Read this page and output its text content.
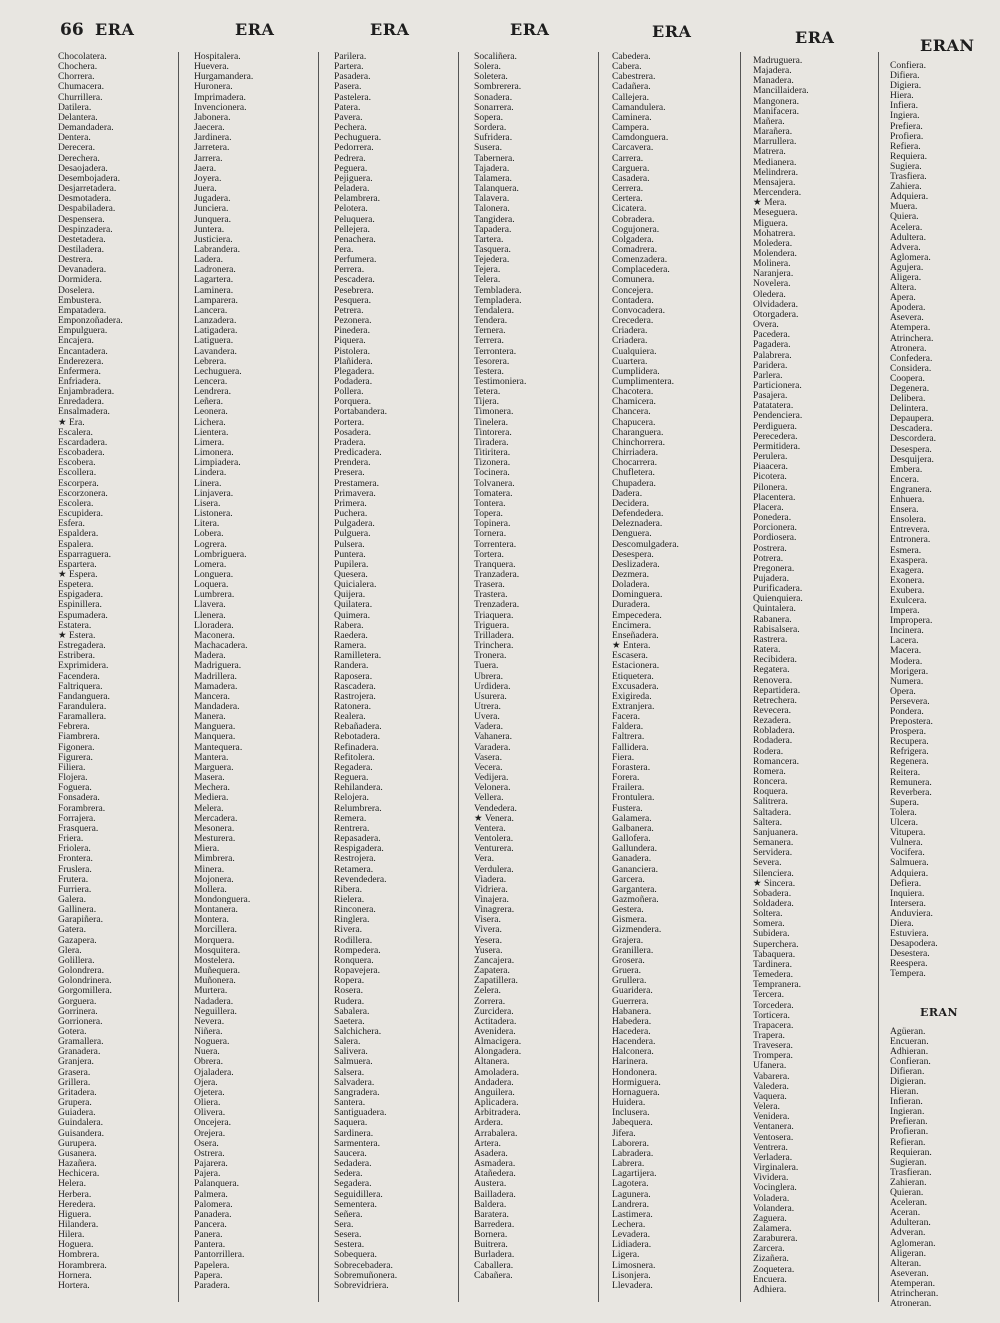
66 ERA	ERA	ERA	ERA	ERA	ERA	ERAN
Chocolatera.
Chochera.
Chorrera.
Chumacera.
Churrillera.
Datilera.
Delantera.
Demandadera.
Dentera.
Derecera.
Derechera.
Desaojadera.
Desembojadera.
Desjarretadera.
Desmotadera.
Despabiladera.
Despensera.
Despinzadera.
Destetadera.
Destiladera.
Destrera.
Devanadera.
Dormidera.
Doselera.
Embustera.
Empatadera.
Emponzoñadera.
Empulguera.
Encajera.
Encantadera.
Enderezera.
Enfermera.
Enfriadera.
Enjambradera.
Enredadera.
Ensalmadera.
★ Era.
Escalera.
Escardadera.
Escobadera.
Escobera.
Escollera.
Escorpera.
Escorzonera.
Escolera.
Escupidera.
Esfera.
Espaldera.
Espalera.
Esparraguera.
Espartera.
★ Espera.
Espetera.
Espigadera.
Espinillera.
Espumadera.
Estatera.
★ Estera.
Estregadera.
Estribera.
Exprimidera.
Facendera.
Faltriquera.
Fandanguera.
Farandulera.
Faramallera.
Febrera.
Fiambrera.
Figonera.
Figurera.
Filiera.
Flojera.
Foguera.
Fonsadera.
Forambrera.
Forrajera.
Frasquera.
Friera.
Friolera.
Frontera.
Fruslera.
Frutera.
Furriera.
Galera.
Gallinera.
Garapiñera.
Gatera.
Gazapera.
Glera.
Golillera.
Golondrera.
Golondrinera.
Gorgomillera.
Gorguera.
Gorrinera.
Gorrionera.
Gotera.
Gramallera.
Granadera.
Granjera.
Grasera.
Grillera.
Gritadera.
Grupera.
Guiadera.
Guindalera.
Guisandera.
Guruperа.
Gusanera.
Hazañera.
Hechicera.
Helera.
Herbera.
Heredera.
Higuera.
Hilandera.
Hilera.
Hoguera.
Hombrera.
Horambrera.
Hornera.
Hortera.
Hospitalera.
Huevera.
Hurgamandera.
Huronera.
Imprimadera.
Invencionera.
Jabonera.
Jaecera.
Jardinera.
Jarretera.
Jarrera.
Jaera.
Joyera.
Juera.
Jugadera.
Junciera.
Junquera.
Juntera.
Justiciera.
Labrandera.
Ladera.
Ladronera.
Lagartera.
Laminera.
Lamparera.
Lancera.
Lanzadera.
Latigadera.
Latiguera.
Lavandera.
Lebrera.
Lechuguera.
Lencera.
Lendrera.
Leñera.
Leonera.
Lichera.
Lientera.
Limera.
Limonera.
Limpiadera.
Lindera.
Linera.
Linjavera.
Lisera.
Listonera.
Litera.
Lobera.
Logrera.
Lombriguera.
Lomera.
Longuera.
Loquera.
Lumbrera.
Llavera.
Llenera.
Lloradera.
Maconera.
Machacadera.
Madera.
Madriguera.
Madrillera.
Mamadera.
Mancera.
Mandadera.
Manera.
Manguera.
Manquera.
Mantequera.
Mantera.
Marguera.
Masera.
Mechera.
Mediera.
Melera.
Mercadera.
Mesonera.
Mesturera.
Miera.
Mimbrera.
Minera.
Mojonera.
Mollera.
Mondonguera.
Montanera.
Montera.
Morcillera.
Morquera.
Mosquitera.
Mostelera.
Muñequera.
Muñonera.
Murtera.
Nadadera.
Neguillera.
Nevera.
Niñera.
Noguera.
Nuera.
Obrera.
Ojaladera.
Ojera.
Ojetera.
Oliera.
Olivera.
Oncejera.
Orejera.
Osera.
Ostrera.
Pajarera.
Pajera.
Palanquera.
Palmera.
Palomera.
Panadera.
Pancera.
Panera.
Pantera.
Pantorrillera.
Papelera.
Papera.
Paradera.
Parilera.
Partera.
Pasadera.
Pasera.
Pastelera.
Patera.
Pavera.
Pechera.
Pechuguera.
Pedorrera.
Pedrera.
Peguera.
Pejiguera.
Peladera.
Pelambrera.
Pelotera.
Peluquera.
Pellejera.
Penachera.
Pera.
Perfumera.
Perrera.
Pescadera.
Pesebrera.
Pesquera.
Petrera.
Pezonera.
Pinedera.
Piquera.
Pistolera.
Plañidera.
Plegadera.
Podadera.
Pollera.
Porquera.
Portabandera.
Portera.
Posadera.
Pradera.
Predicadera.
Prendera.
Presera.
Prestamera.
Primavera.
Primera.
Puchera.
Pulgadera.
Pulguera.
Pulsera.
Puntera.
Pupilera.
Quesera.
Quicialera.
Quijera.
Quilatera.
Quimera.
Rabera.
Raedera.
Ramera.
Ramilletera.
Randera.
Raposera.
Rascadera.
Rastrojera.
Ratonera.
Realera.
Rebañadera.
Rebotadera.
Refinadera.
Refitolera.
Regadera.
Reguera.
Rehilandera.
Relojera.
Relumbrera.
Remera.
Rentrera.
Repasadera.
Respigadera.
Restrojera.
Retamera.
Revendedera.
Ribera.
Rielera.
Rinconera.
Ringlera.
Rivera.
Rodillera.
Rompedera.
Ronquera.
Ropavejera.
Ropera.
Rosera.
Rudera.
Sabalera.
Saetera.
Salchichera.
Salera.
Salivera.
Salmuera.
Salsera.
Salvadera.
Sangradera.
Santera.
Santiguadera.
Saquera.
Sardinera.
Sarmentera.
Saucera.
Sedadera.
Sedera.
Segadera.
Seguidillera.
Sementera.
Señera.
Sera.
Sesera.
Sestera.
Sobequera.
Sobrecebadera.
Sobremuñonera.
Sobrevidriera.
Socaliñera.
Solera.
Soletera.
Sombrerera.
Sonadera.
Sonarrera.
Sopera.
Sordera.
Sufridera.
Susera.
Tabernera.
Tajadera.
Talamera.
Talanquera.
Talavera.
Talonera.
Tangidera.
Tapadera.
Tartera.
Tasquera.
Tejedera.
Tejera.
Telera.
Tembladera.
Templadera.
Tendalera.
Tendera.
Ternera.
Terrera.
Terrontera.
Tesorera.
Testera.
Testimoniera.
Tetera.
Tijera.
Timonera.
Tinelera.
Tintorera.
Tiradera.
Titiritera.
Tizonera.
Tocinera.
Tolvanera.
Tomatera.
Tontera.
Topera.
Topinera.
Tornera.
Torrentera.
Tortera.
Tranquera.
Tranzadera.
Trasera.
Trastera.
Trenzadera.
Triaquera.
Triguera.
Trilladera.
Trinchera.
Tronera.
Tuera.
Ubrera.
Urdidera.
Usurera.
Utrera.
Uvera.
Vadera.
Vahanera.
Varadera.
Vasera.
Vecera.
Vedijera.
Velonera.
Vellera.
Vendedera.
★ Venera.
Ventera.
Ventolera.
Venturera.
Vera.
Verdulera.
Viadera.
Vidriera.
Vinajera.
Vinagrera.
Visera.
Vivera.
Yesera.
Yusera.
Zancajera.
Zapatera.
Zapatillera.
Zelera.
Zorrera.
Zurcidera.
Actitadera.
Avenidera.
Almacigera.
Alongadera.
Altanera.
Amoladera.
Andadera.
Anguilera.
Aplicadera.
Arbitradera.
Ardera.
Arrabalera.
Artera.
Asadera.
Asmadera.
Atañedera.
Austera.
Bailladera.
Baldera.
Baratera.
Barredera.
Bornera.
Buitrera.
Burladera.
Caballera.
Cabañera.
Cabedera.
Cabera.
Cabestrera.
Cadañera.
Callejera.
Camandulera.
Caminera.
Campera.
Camdonguera.
Carcavera.
Carrera.
Carguera.
Casadera.
Cerrera.
Certera.
Cicatera.
Cobradera.
Cogujonera.
Colgadera.
Comadrera.
Comenzadera.
Complacedera.
Comunera.
Concejera.
Contadera.
Convocadera.
Crecedera.
Criadera.
Criadera.
Cualquiera.
Cuartera.
Cumplidera.
Cumplimentera.
Chacotera.
Chamicera.
Chancera.
Chapucera.
Charanguera.
Chinchorrera.
Chirriadera.
Chocarrera.
Chufletera.
Chupadera.
Dadera.
Decidera.
Defendedera.
Deleznadera.
Denguera.
Descomulgadera.
Desespera.
Deslizadera.
Dezmera.
Doladera.
Dominguera.
Duradera.
Empecedera.
Encimera.
Enseñadera.
★ Entera.
Escasera.
Estacionera.
Etiquetera.
Excusadera.
Exigireda.
Extranjera.
Facera.
Faldera.
Faltrera.
Fallidera.
Fiera.
Forastera.
Forera.
Frailera.
Frontulera.
Fustera.
Galamera.
Galbanera.
Gallofera.
Gallundera.
Ganadera.
Gananciera.
Garcera.
Gargantera.
Gazmoñera.
Gestera.
Gismera.
Gizmendera.
Grajera.
Granillera.
Grosera.
Gruera.
Grullera.
Guaridera.
Guerrera.
Habanera.
Habedera.
Hacedera.
Hacendera.
Halconera.
Harinera.
Hondonera.
Hormiguera.
Hornaguera.
Huidera.
Inclusera.
Jabequera.
Jifera.
Laborera.
Labradera.
Labrera.
Lagartijera.
Lagotera.
Lagunera.
Landrera.
Lastimera.
Lechera.
Levadera.
Lidiadera.
Ligera.
Limosnera.
Lisonjera.
Llevadera.
Madruguera.
Majadera.
Manadera.
Mancillaidera.
Mangonera.
Manifacera.
Mañera.
Marañera.
Marrullera.
Matrera.
Medianera.
Melindrera.
Mensajera.
Mercendera.
★ Mera.
Meseguera.
Miguera.
Mohatrera.
Moledera.
Molendera.
Molinera.
Naranjera.
Novelera.
Oledera.
Olvidadera.
Otorgadera.
Overa.
Pacedera.
Pagadera.
Palabrera.
Paridera.
Parlera.
Particionera.
Pasajera.
Patatatera.
Pendenciera.
Perdiguera.
Perecedera.
Permitidera.
Perulera.
Piaacera.
Picotera.
Pilonera.
Placentera.
Placera.
Ponedera.
Porcionera.
Pordiosera.
Postrera.
Potrera.
Pregonera.
Pujadera.
Purificadera.
Quienquiera.
Quintalera.
Rabanera.
Rabisalsera.
Rastrera.
Ratera.
Recibidera.
Regatera.
Renovera.
Repartidera.
Retrechera.
Revecera.
Rezadera.
Robladera.
Rodadera.
Rodera.
Romancera.
Romera.
Roncera.
Roquera.
Salitrera.
Saltadera.
Saltera.
Sanjuanera.
Semanera.
Servidera.
Severa.
Silenciera.
★ Sincera.
Sobadera.
Soldadera.
Soltera.
Somera.
Subidera.
Superchera.
Tabaquera.
Tardinera.
Temedera.
Tempranera.
Tercera.
Torcedera.
Torticera.
Trapacera.
Trapera.
Travesera.
Trompera.
Ufanera.
Vabarera.
Valedera.
Vaquera.
Velera.
Venidera.
Ventanera.
Ventosera.
Ventrera.
Verladera.
Virginalera.
Vividera.
Vocinglera.
Voladera.
Volandera.
Zaguera.
Zalamera.
Zaraburera.
Zarcera.
Zizañera.
Zoquetera.
Encuera.
Adhiera.
Confiera.
Difiera.
Digiera.
Hiera.
Infiera.
Ingiera.
Prefiera.
Profiera.
Refiera.
Requiera.
Sugiera.
Trasfiera.
Zahiera.
Adquiera.
Muera.
Quiera.
Acelera.
Adultera.
Advera.
Aglomera.
Agujera.
Aligera.
Altera.
Apera.
Apodera.
Asevera.
Atempera.
Atrinchera.
Atronera.
Confedera.
Considera.
Coopera.
Degenera.
Delibera.
Delintera.
Depaupera.
Descadera.
Descordera.
Desespera.
Desquijera.
Embera.
Encera.
Engranera.
Enhuera.
Ensera.
Ensolera.
Entrevera.
Entronera.
Esmera.
Exaspera.
Exagera.
Exonera.
Exubera.
Exulcera.
Impera.
Impropera.
Incinera.
Lacera.
Macera.
Modera.
Morigera.
Numera.
Opera.
Persevera.
Pondera.
Prepostera.
Prospera.
Recupera.
Refrigera.
Regenera.
Reitera.
Remunera.
Reverbera.
Supera.
Tolera.
Ulcera.
Vitupera.
Vulnera.
Vocifera.
Salmuera.
Adquiera.
Defiera.
Inquiera.
Intersera.
Anduviera.
Diera.
Estuviera.
Desapodera.
Desestera.
Reespera.
Tempera.
ERAN
Agüeran.
Encueran.
Adhieran.
Confieran.
Difieran.
Digieran.
Hieran.
Infieran.
Ingieran.
Prefieran.
Profieran.
Refieran.
Requieran.
Sugieran.
Trasfieran.
Zahieran.
Quieran.
Aceleran.
Aceran.
Adulteran.
Adveran.
Aglomeran.
Aligeran.
Alteran.
Aseveran.
Atemperan.
Atrincheran.
Atroneran.
